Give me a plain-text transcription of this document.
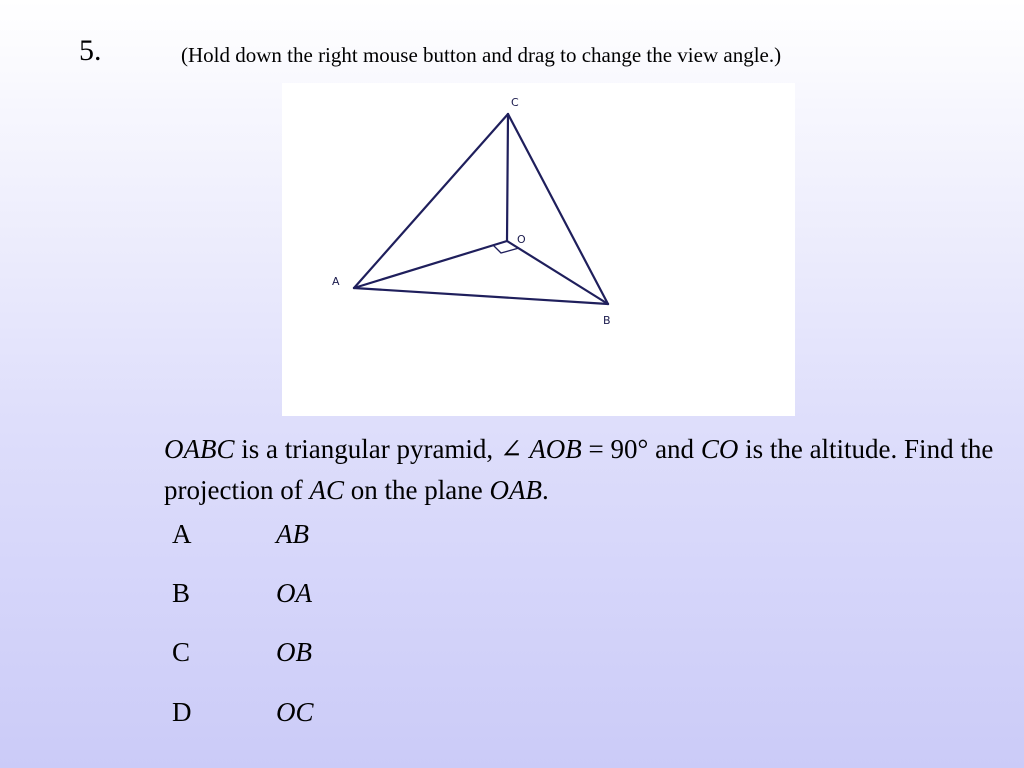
5.	(Hold down the right mouse button and drag to change the view angle.)
C
O
A
B
OABC is a triangular pyramid, ∠ AOB = 90° and CO is the altitude. Find the projection of AC on the plane OAB.
A	AB
B	OA
C	OB
D	OC
